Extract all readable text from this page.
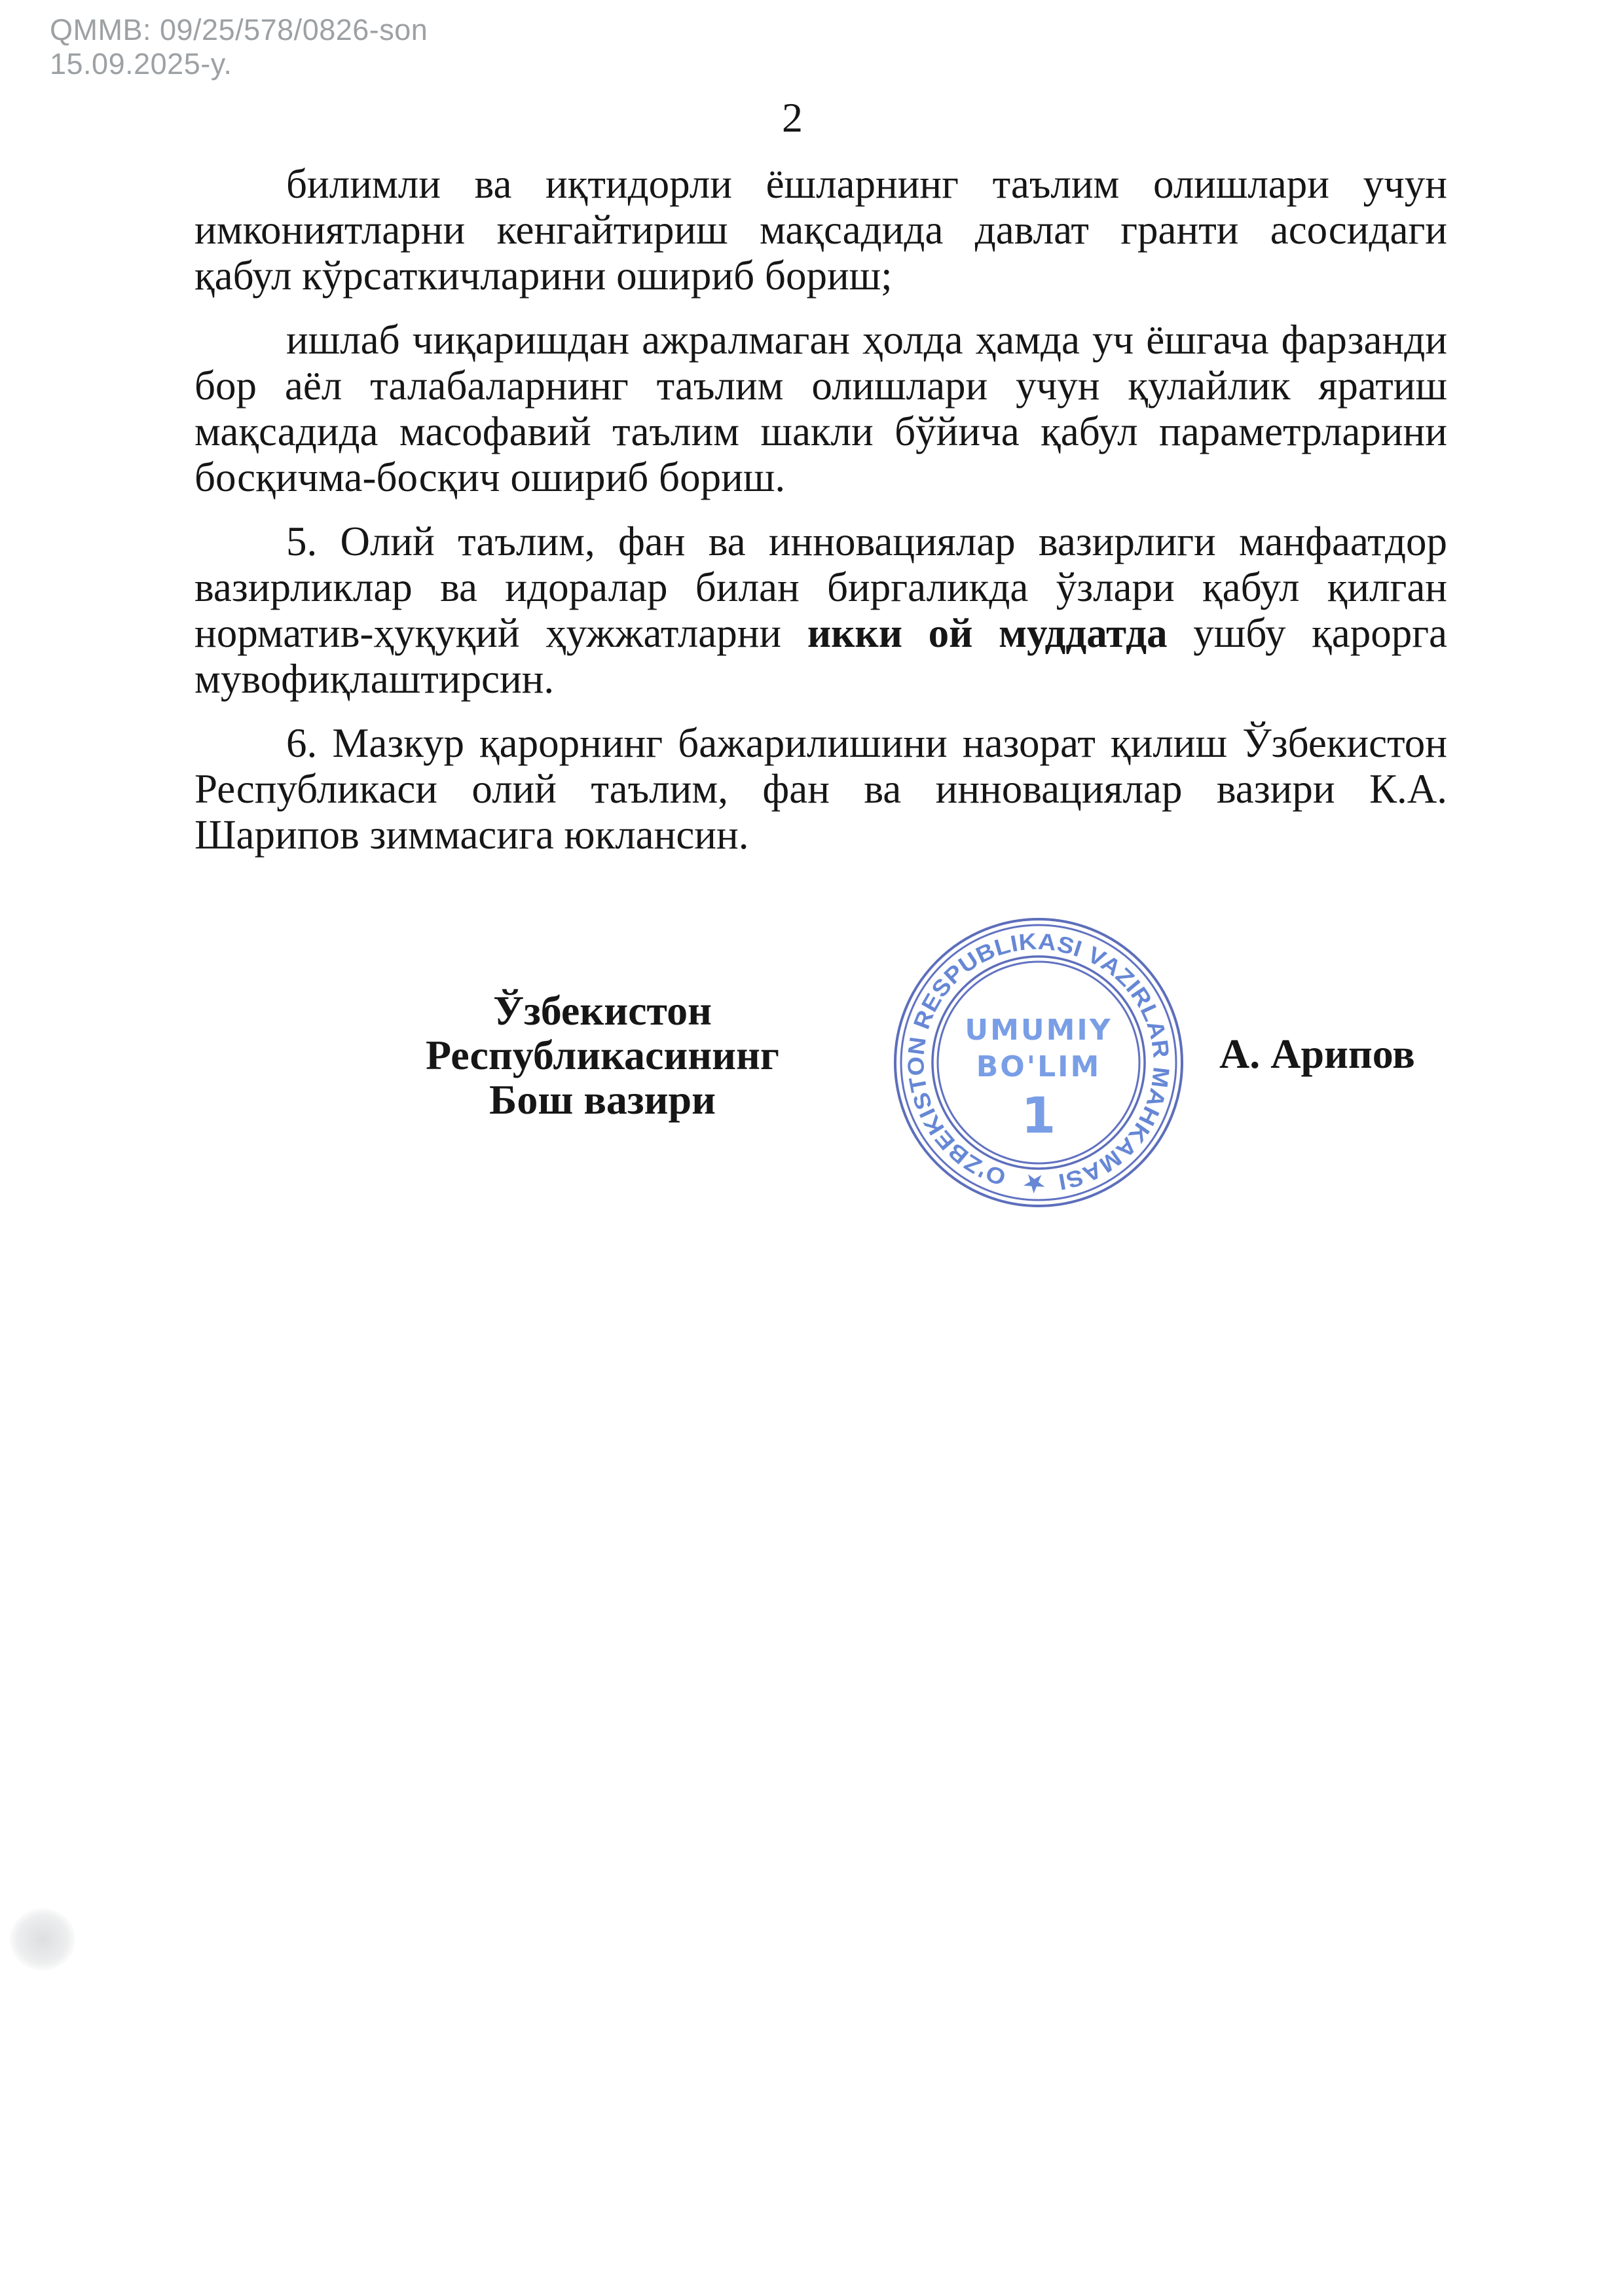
QMMB: 09/25/578/0826-son
15.09.2025-y.
2

билимли ва иқтидорли ёшларнинг таълим олишлари учун имкониятларни кенгайтириш мақсадида давлат гранти асосидаги қабул кўрсаткичларини ошириб бориш;

ишлаб чиқаришдан ажралмаган ҳолда ҳамда уч ёшгача фарзанди бор аёл талабаларнинг таълим олишлари учун қулайлик яратиш мақсадида масофавий таълим шакли бўйича қабул параметрларини босқичма-босқич ошириб бориш.

5. Олий таълим, фан ва инновациялар вазирлиги манфаатдор вазирликлар ва идоралар билан биргаликда ўзлари қабул қилган норматив-ҳуқуқий ҳужжатларни икки ой муддатда ушбу қарорга мувофиқлаштирсин.

6. Мазкур қарорнинг бажарилишини назорат қилиш Ўзбекистон Республикаси олий таълим, фан ва инновациялар вазири К.А. Шарипов зиммасига юклансин.

Ўзбекистон Республикасининг
Бош вазири
А. Арипов
O'ZBEKISTON RESPUBLIKASI VAZIRLAR MAHKAMASI★
UMUMIY
BO'LIM
1
